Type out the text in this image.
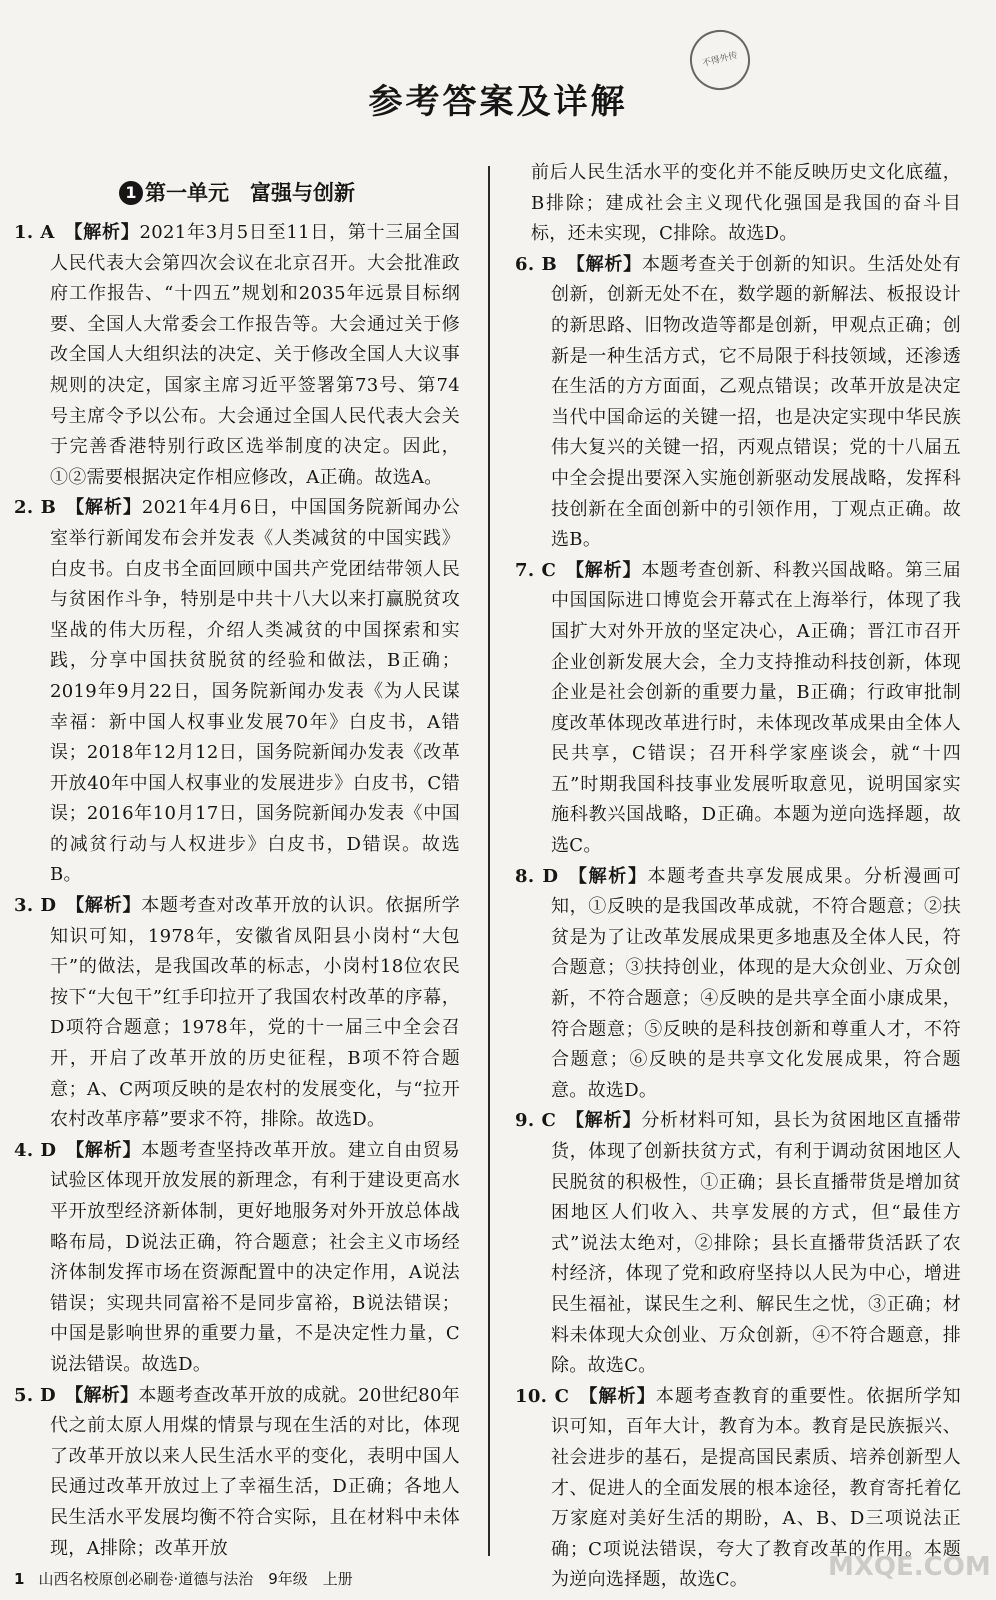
参考答案及详解
不得外传
1 第一单元　富强与创新

1. A  【解析】2021年3月5日至11日，第十三届全国人民代表大会第四次会议在北京召开。大会批准政府工作报告、“十四五”规划和2035年远景目标纲要、全国人大常委会工作报告等。大会通过关于修改全国人大组织法的决定、关于修改全国人大议事规则的决定，国家主席习近平签署第73号、第74号主席令予以公布。大会通过全国人民代表大会关于完善香港特别行政区选举制度的决定。因此，①②需要根据决定作相应修改，A正确。故选A。

2. B  【解析】2021年4月6日，中国国务院新闻办公室举行新闻发布会并发表《人类减贫的中国实践》白皮书。白皮书全面回顾中国共产党团结带领人民与贫困作斗争，特别是中共十八大以来打赢脱贫攻坚战的伟大历程，介绍人类减贫的中国探索和实践，分享中国扶贫脱贫的经验和做法，B正确；2019年9月22日，国务院新闻办发表《为人民谋幸福：新中国人权事业发展70年》白皮书，A错误；2018年12月12日，国务院新闻办发表《改革开放40年中国人权事业的发展进步》白皮书，C错误；2016年10月17日，国务院新闻办发表《中国的减贫行动与人权进步》白皮书，D错误。故选B。

3. D  【解析】本题考查对改革开放的认识。依据所学知识可知，1978年，安徽省凤阳县小岗村“大包干”的做法，是我国改革的标志，小岗村18位农民按下“大包干”红手印拉开了我国农村改革的序幕，D项符合题意；1978年，党的十一届三中全会召开，开启了改革开放的历史征程，B项不符合题意；A、C两项反映的是农村的发展变化，与“拉开农村改革序幕”要求不符，排除。故选D。

4. D  【解析】本题考查坚持改革开放。建立自由贸易试验区体现开放发展的新理念，有利于建设更高水平开放型经济新体制，更好地服务对外开放总体战略布局，D说法正确，符合题意；社会主义市场经济体制发挥市场在资源配置中的决定作用，A说法错误；实现共同富裕不是同步富裕，B说法错误；中国是影响世界的重要力量，不是决定性力量，C说法错误。故选D。

5. D  【解析】本题考查改革开放的成就。20世纪80年代之前太原人用煤的情景与现在生活的对比，体现了改革开放以来人民生活水平的变化，表明中国人民通过改革开放过上了幸福生活，D正确；各地人民生活水平发展均衡不符合实际，且在材料中未体现，A排除；改革开放

前后人民生活水平的变化并不能反映历史文化底蕴，B排除；建成社会主义现代化强国是我国的奋斗目标，还未实现，C排除。故选D。

6. B  【解析】本题考查关于创新的知识。生活处处有创新，创新无处不在，数学题的新解法、板报设计的新思路、旧物改造等都是创新，甲观点正确；创新是一种生活方式，它不局限于科技领域，还渗透在生活的方方面面，乙观点错误；改革开放是决定当代中国命运的关键一招，也是决定实现中华民族伟大复兴的关键一招，丙观点错误；党的十八届五中全会提出要深入实施创新驱动发展战略，发挥科技创新在全面创新中的引领作用，丁观点正确。故选B。

7. C  【解析】本题考查创新、科教兴国战略。第三届中国国际进口博览会开幕式在上海举行，体现了我国扩大对外开放的坚定决心，A正确；晋江市召开企业创新发展大会，全力支持推动科技创新，体现企业是社会创新的重要力量，B正确；行政审批制度改革体现改革进行时，未体现改革成果由全体人民共享，C错误；召开科学家座谈会，就“十四五”时期我国科技事业发展听取意见，说明国家实施科教兴国战略，D正确。本题为逆向选择题，故选C。

8. D  【解析】本题考查共享发展成果。分析漫画可知，①反映的是我国改革成就，不符合题意；②扶贫是为了让改革发展成果更多地惠及全体人民，符合题意；③扶持创业，体现的是大众创业、万众创新，不符合题意；④反映的是共享全面小康成果，符合题意；⑤反映的是科技创新和尊重人才，不符合题意；⑥反映的是共享文化发展成果，符合题意。故选D。

9. C  【解析】分析材料可知，县长为贫困地区直播带货，体现了创新扶贫方式，有利于调动贫困地区人民脱贫的积极性，①正确；县长直播带货是增加贫困地区人们收入、共享发展的方式，但“最佳方式”说法太绝对，②排除；县长直播带货活跃了农村经济，体现了党和政府坚持以人民为中心，增进民生福祉，谋民生之利、解民生之忧，③正确；材料未体现大众创业、万众创新，④不符合题意，排除。故选C。

10. C  【解析】本题考查教育的重要性。依据所学知识可知，百年大计，教育为本。教育是民族振兴、社会进步的基石，是提高国民素质、培养创新型人才、促进人的全面发展的根本途径，教育寄托着亿万家庭对美好生活的期盼，A、B、D三项说法正确；C项说法错误，夸大了教育改革的作用。本题为逆向选择题，故选C。

1 山西名校原创必刷卷·道德与法治　9年级　上册	MXQE.COM
